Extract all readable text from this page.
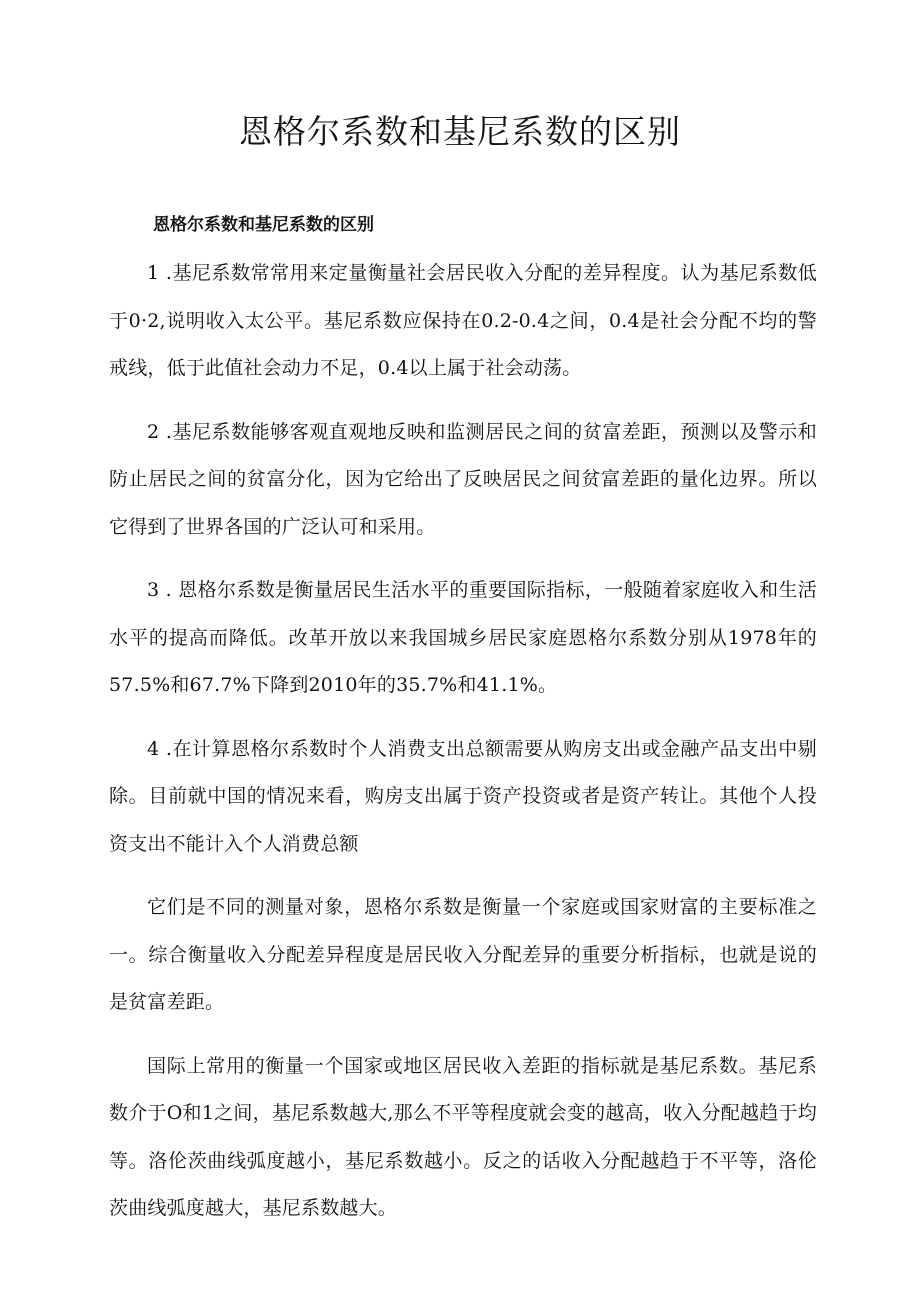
恩格尔系数和基尼系数的区别
恩格尔系数和基尼系数的区别

1 .基尼系数常常用来定量衡量社会居民收入分配的差异程度。认为基尼系数低于0·2,说明收入太公平。基尼系数应保持在0.2-0.4之间，0.4是社会分配不均的警戒线，低于此值社会动力不足，0.4以上属于社会动荡。

2 .基尼系数能够客观直观地反映和监测居民之间的贫富差距，预测以及警示和防止居民之间的贫富分化，因为它给出了反映居民之间贫富差距的量化边界。所以它得到了世界各国的广泛认可和采用。

3 . 恩格尔系数是衡量居民生活水平的重要国际指标，一般随着家庭收入和生活水平的提高而降低。改革开放以来我国城乡居民家庭恩格尔系数分别从1978年的57.5%和67.7%下降到2010年的35.7%和41.1%。

4 .在计算恩格尔系数时个人消费支出总额需要从购房支出或金融产品支出中剔除。目前就中国的情况来看，购房支出属于资产投资或者是资产转让。其他个人投资支出不能计入个人消费总额

它们是不同的测量对象，恩格尔系数是衡量一个家庭或国家财富的主要标准之一。综合衡量收入分配差异程度是居民收入分配差异的重要分析指标，也就是说的是贫富差距。

国际上常用的衡量一个国家或地区居民收入差距的指标就是基尼系数。基尼系数介于O和1之间，基尼系数越大,那么不平等程度就会变的越高，收入分配越趋于均等。洛伦茨曲线弧度越小，基尼系数越小。反之的话收入分配越趋于不平等，洛伦茨曲线弧度越大，基尼系数越大。
